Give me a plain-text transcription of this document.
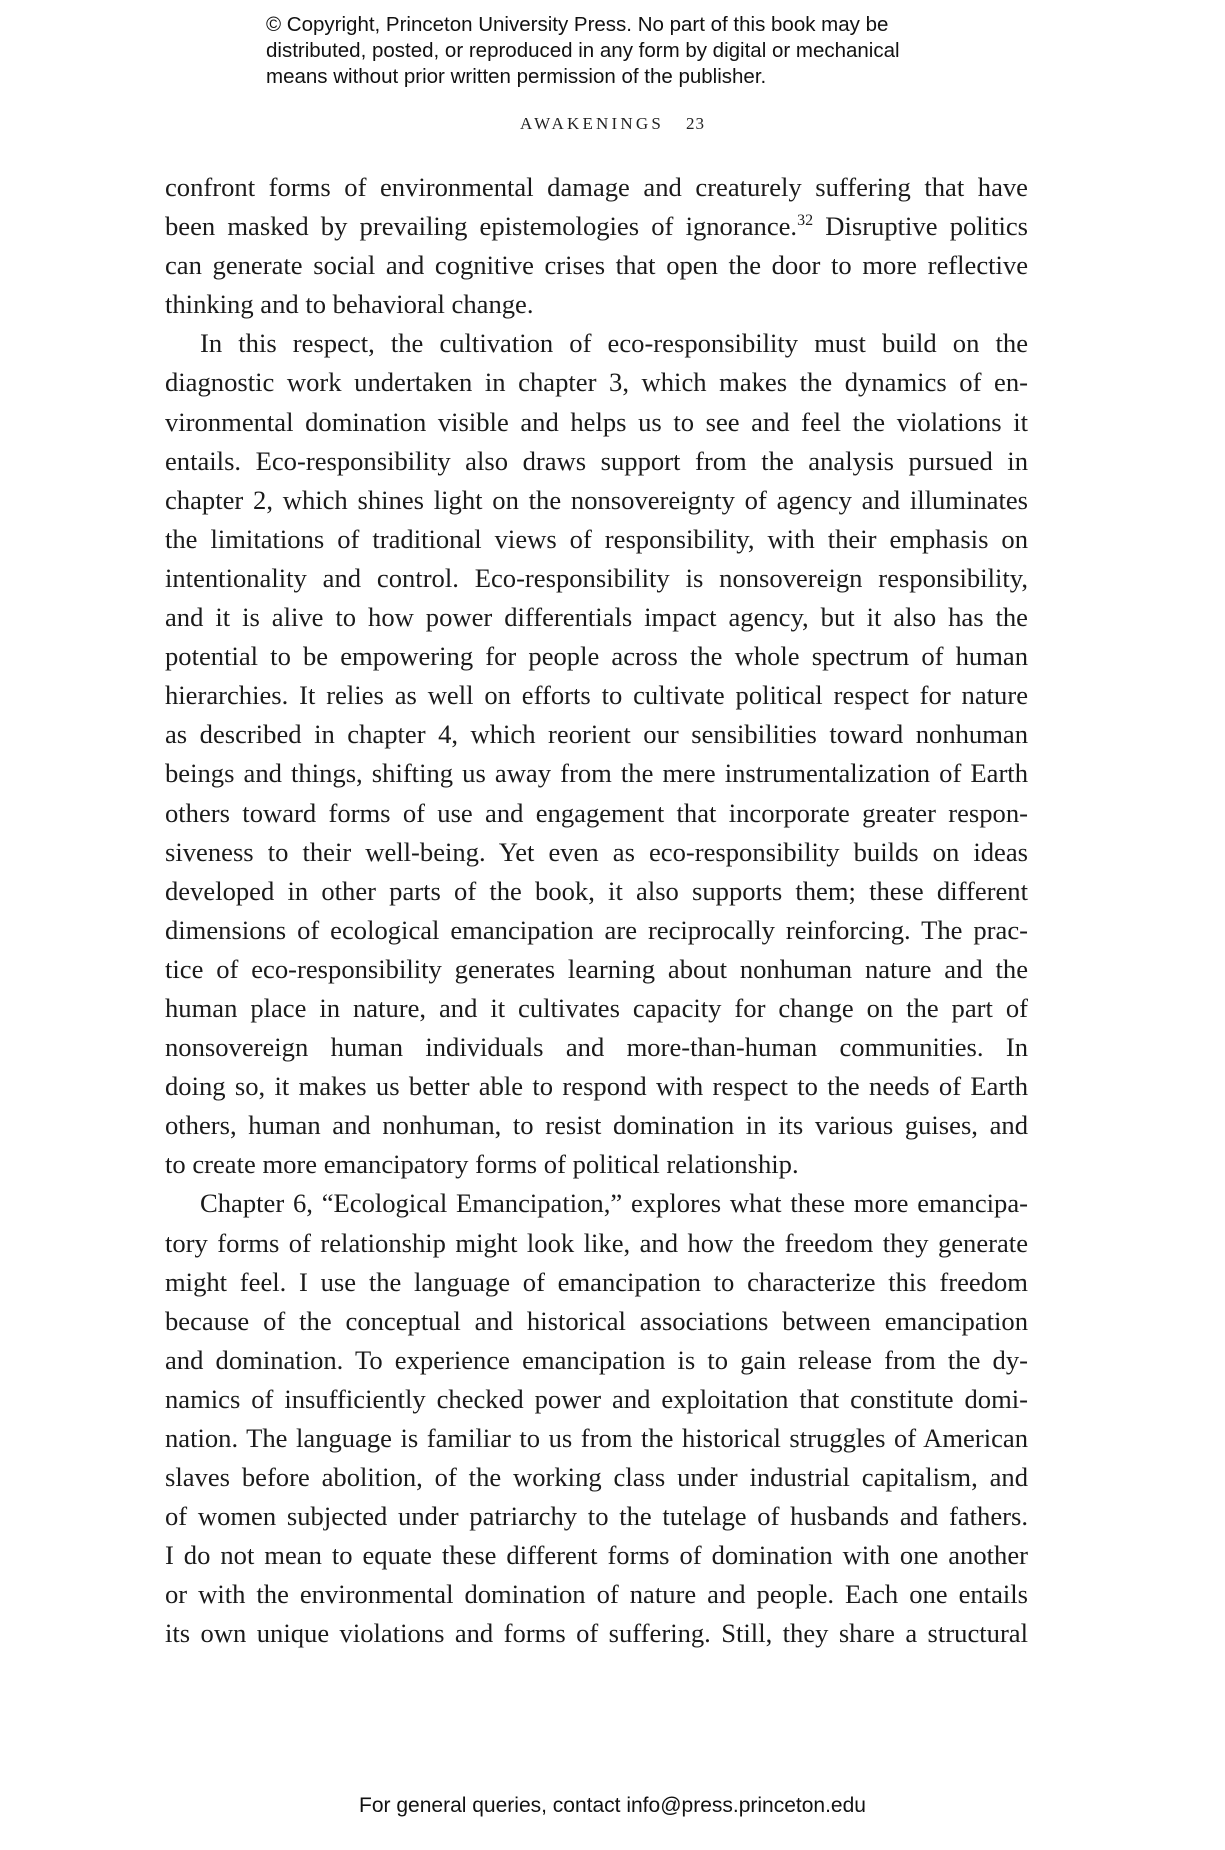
© Copyright, Princeton University Press. No part of this book may be
distributed, posted, or reproduced in any form by digital or mechanical
means without prior written permission of the publisher.
AWAKENINGS 23
confront forms of environmental damage and creaturely suffering that have
been masked by prevailing epistemologies of ignorance.$^{32}$ Disruptive politics
can generate social and cognitive crises that open the door to more reflective
thinking and to behavioral change.
In this respect, the cultivation of eco-responsibility must build on the
diagnostic work undertaken in chapter 3, which makes the dynamics of en-
vironmental domination visible and helps us to see and feel the violations it
entails. Eco-responsibility also draws support from the analysis pursued in
chapter 2, which shines light on the nonsovereignty of agency and illuminates
the limitations of traditional views of responsibility, with their emphasis on
intentionality and control. Eco-responsibility is nonsovereign responsibility,
and it is alive to how power differentials impact agency, but it also has the
potential to be empowering for people across the whole spectrum of human
hierarchies. It relies as well on efforts to cultivate political respect for nature
as described in chapter 4, which reorient our sensibilities toward nonhuman
beings and things, shifting us away from the mere instrumentalization of Earth
others toward forms of use and engagement that incorporate greater respon-
siveness to their well-being. Yet even as eco-responsibility builds on ideas
developed in other parts of the book, it also supports them; these different
dimensions of ecological emancipation are reciprocally reinforcing. The prac-
tice of eco-responsibility generates learning about nonhuman nature and the
human place in nature, and it cultivates capacity for change on the part of
nonsovereign human individuals and more-than-human communities. In
doing so, it makes us better able to respond with respect to the needs of Earth
others, human and nonhuman, to resist domination in its various guises, and
to create more emancipatory forms of political relationship.
Chapter 6, “Ecological Emancipation,” explores what these more emancipa-
tory forms of relationship might look like, and how the freedom they generate
might feel. I use the language of emancipation to characterize this freedom
because of the conceptual and historical associations between emancipation
and domination. To experience emancipation is to gain release from the dy-
namics of insufficiently checked power and exploitation that constitute domi-
nation. The language is familiar to us from the historical struggles of American
slaves before abolition, of the working class under industrial capitalism, and
of women subjected under patriarchy to the tutelage of husbands and fathers.
I do not mean to equate these different forms of domination with one another
or with the environmental domination of nature and people. Each one entails
its own unique violations and forms of suffering. Still, they share a structural
For general queries, contact info@press.princeton.edu
